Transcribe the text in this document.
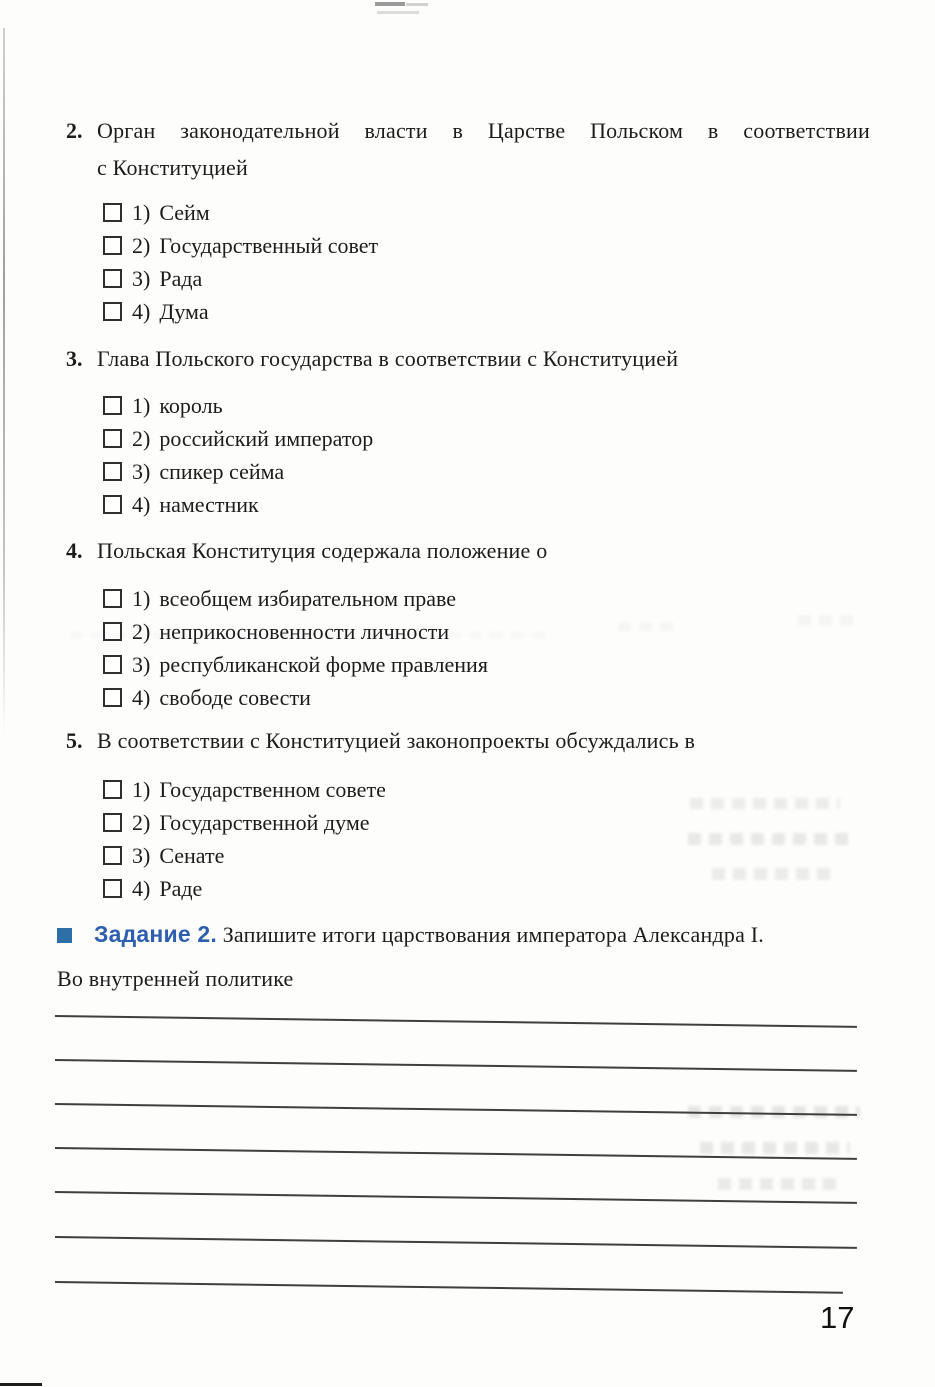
2. Орган законодательной власти в Царстве Польском в соответствии
с Конституцией
1) Сейм
2) Государственный совет
3) Рада
4) Дума
3. Глава Польского государства в соответствии с Конституцией
1) король
2) российский император
3) спикер сейма
4) наместник
4. Польская Конституция содержала положение о
1) всеобщем избирательном праве
2) неприкосновенности личности
3) республиканской форме правления
4) свободе совести
5. В соответствии с Конституцией законопроекты обсуждались в
1) Государственном совете
2) Государственной думе
3) Сенате
4) Раде
Задание 2. Запишите итоги царствования императора Александра I.
Во внутренней политике
17
